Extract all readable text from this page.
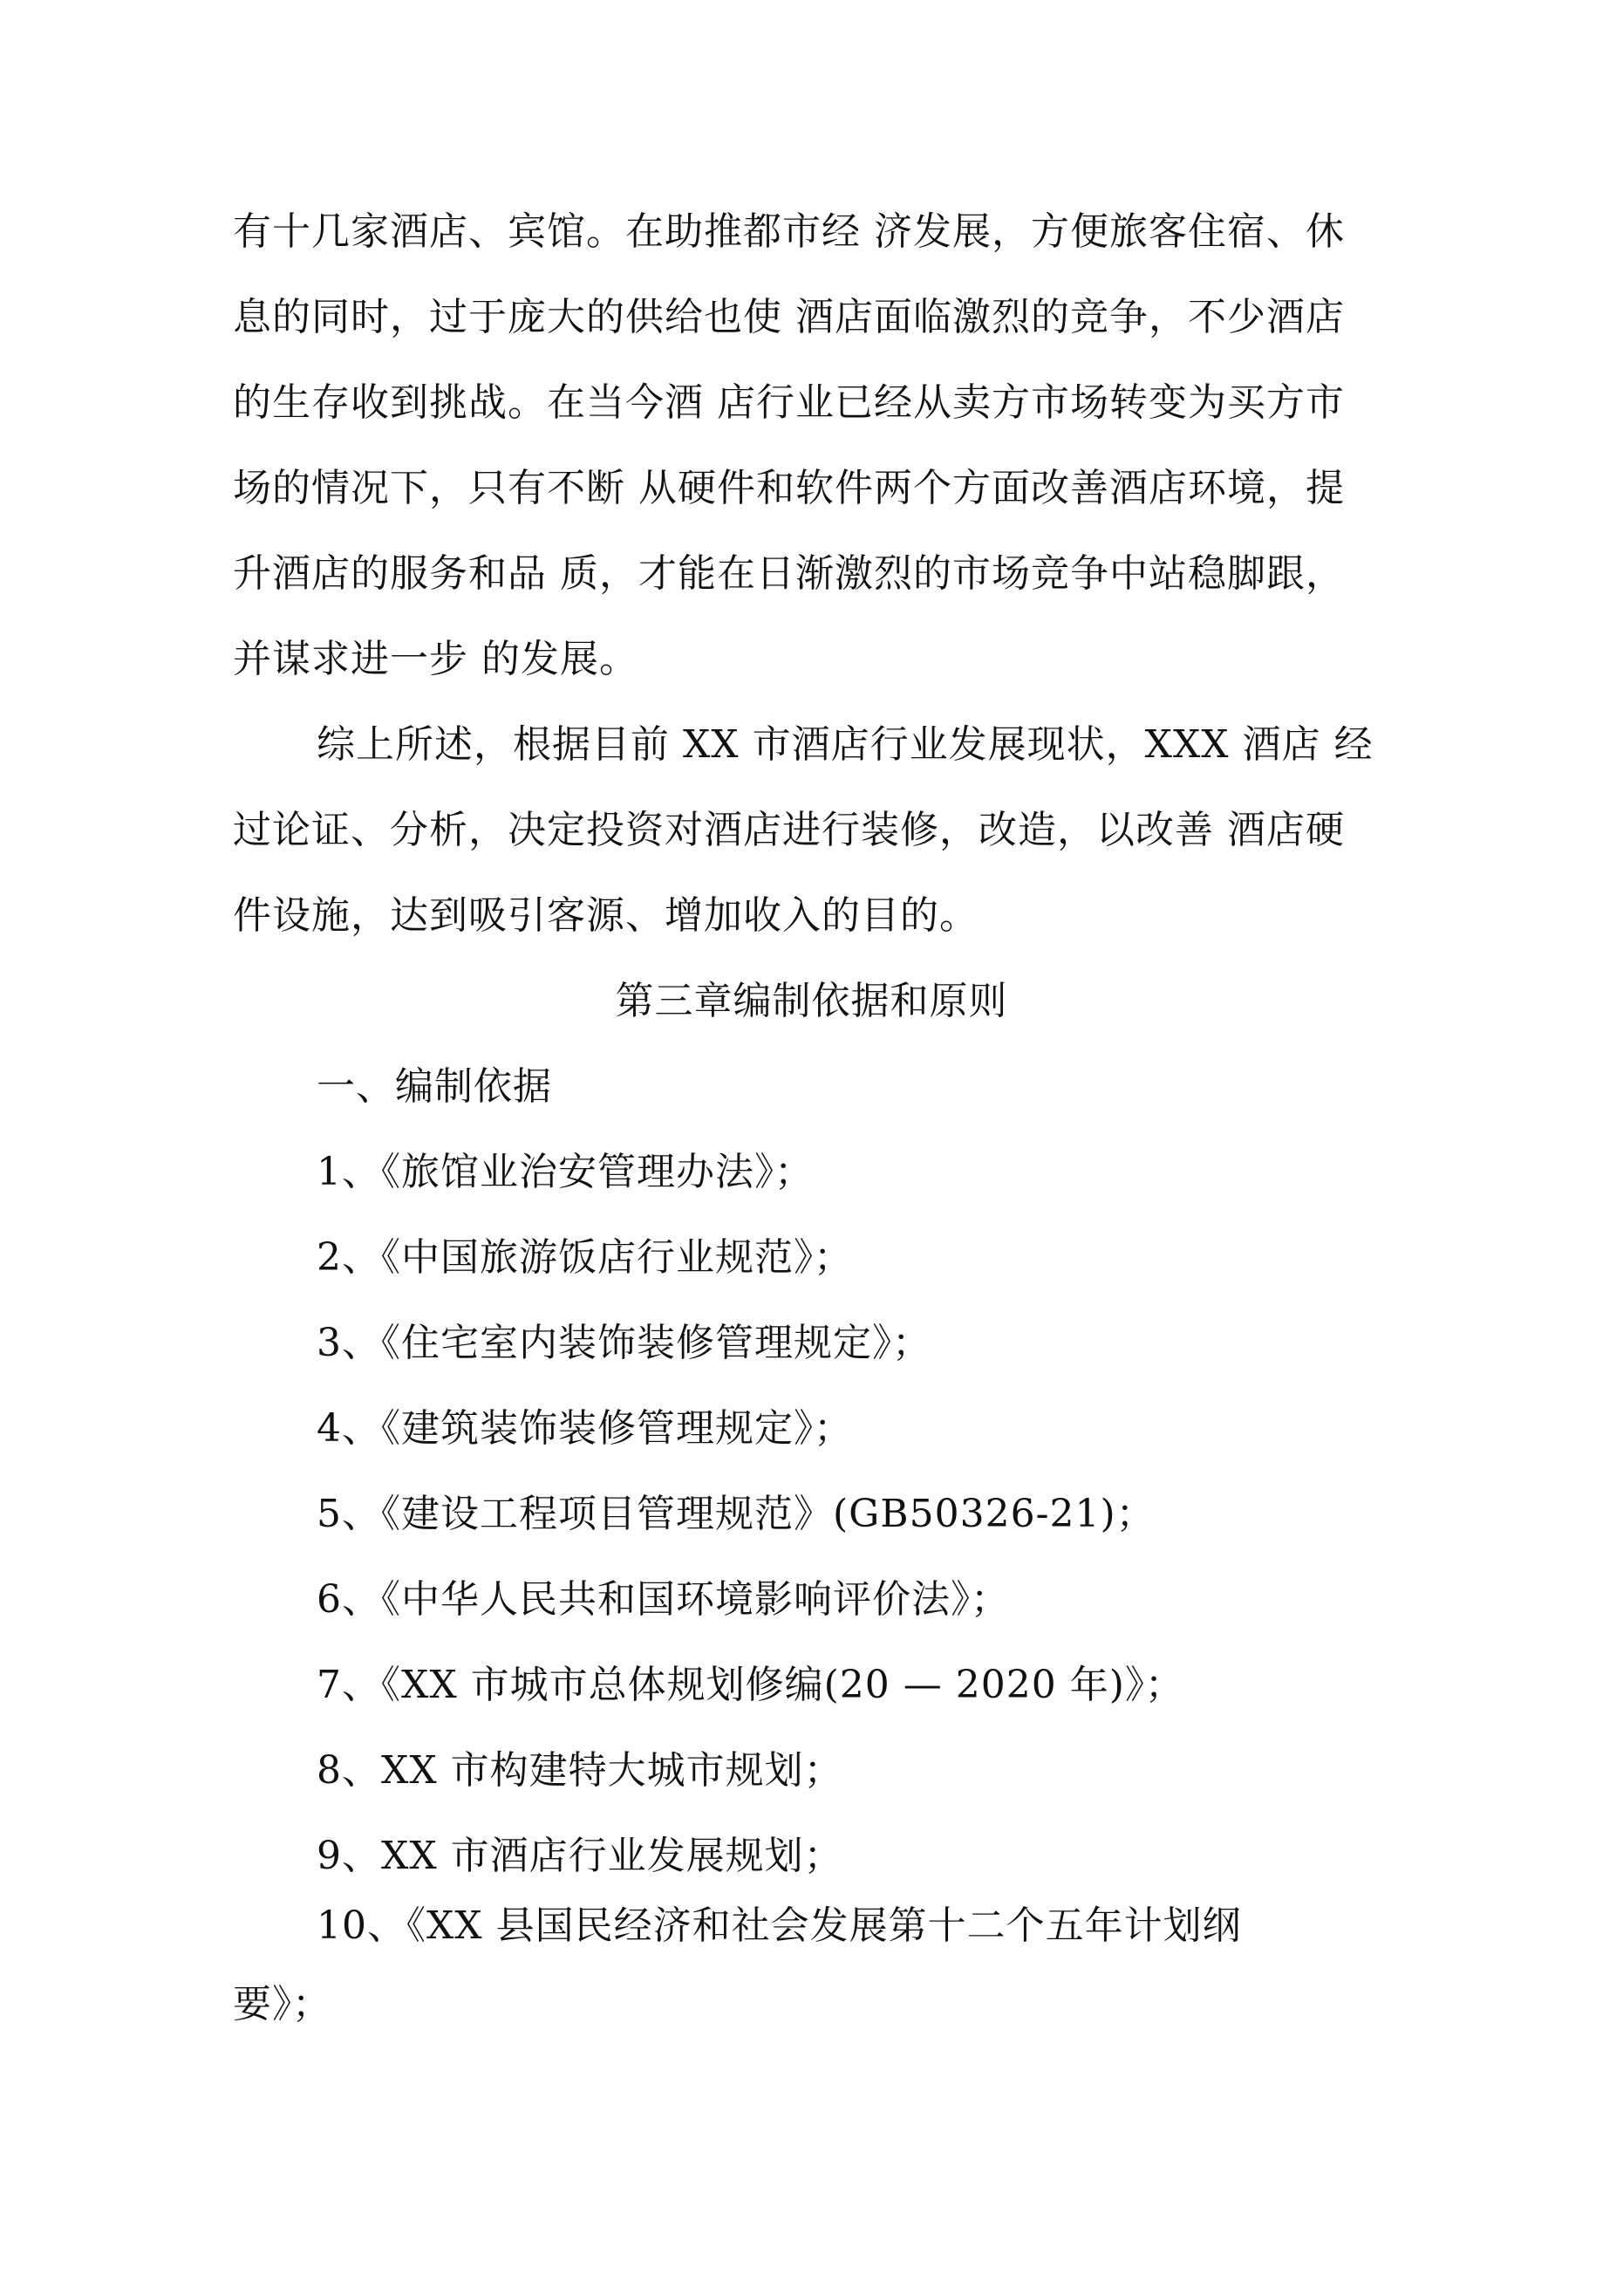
有十几家酒店、宾馆。在助推都市经 济发展，方便旅客住宿、休
息的同时，过于庞大的供给也使 酒店面临激烈的竞争，不少酒店
的生存收到挑战。在当今酒 店行业已经从卖方市场转变为买方市
场的情况下，只有不断 从硬件和软件两个方面改善酒店环境，提
升酒店的服务和品 质，才能在日渐激烈的市场竞争中站稳脚跟，
并谋求进一步 的发展。
综上所述，根据目前 XX 市酒店行业发展现状，XXX 酒店 经
过论证、分析，决定投资对酒店进行装修，改造，以改善 酒店硬
件设施，达到吸引客源、增加收入的目的。
第三章编制依据和原则
一、编制依据
1、《旅馆业治安管理办法》；
2、《中国旅游饭店行业规范》；
3、《住宅室内装饰装修管理规定》；
4、《建筑装饰装修管理规定》；
5、《建设工程项目管理规范》(GB50326-21)；
6、《中华人民共和国环境影响评价法》；
7、《XX 市城市总体规划修编(20 — 2020 年)》；
8、XX 市构建特大城市规划；
9、XX 市酒店行业发展规划；
10、《XX 县国民经济和社会发展第十二个五年计划纲
要》；
